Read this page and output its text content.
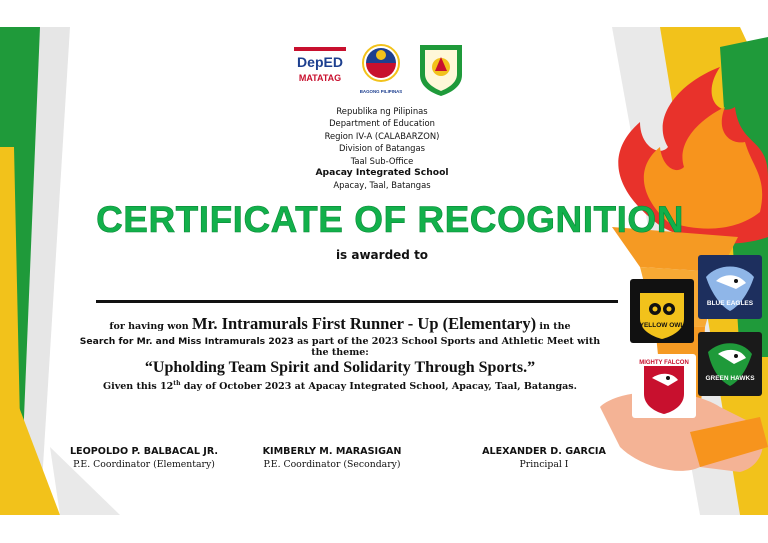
DepED
MATATAG
BAGONG PILIPINAS
Republika ng Pilipinas
Department of Education
Region IV-A (CALABARZON)
Division of Batangas
Taal Sub-Office
Apacay Integrated School
Apacay, Taal, Batangas
CERTIFICATE OF RECOGNITION
is awarded to
for having won Mr. Intramurals First Runner - Up (Elementary) in the
Search for Mr. and Miss Intramurals 2023 as part of the 2023 School Sports and Athletic Meet with
the theme:
“Upholding Team Spirit and Solidarity Through Sports.”
Given this 12th day of October 2023 at Apacay Integrated School, Apacay, Taal, Batangas.
LEOPOLDO P. BALBACAL JR.
P.E. Coordinator (Elementary)
KIMBERLY M. MARASIGAN
P.E. Coordinator (Secondary)
ALEXANDER D. GARCIA
Principal I
YELLOW OWL
BLUE EAGLES
MIGHTY FALCON
GREEN HAWKS
